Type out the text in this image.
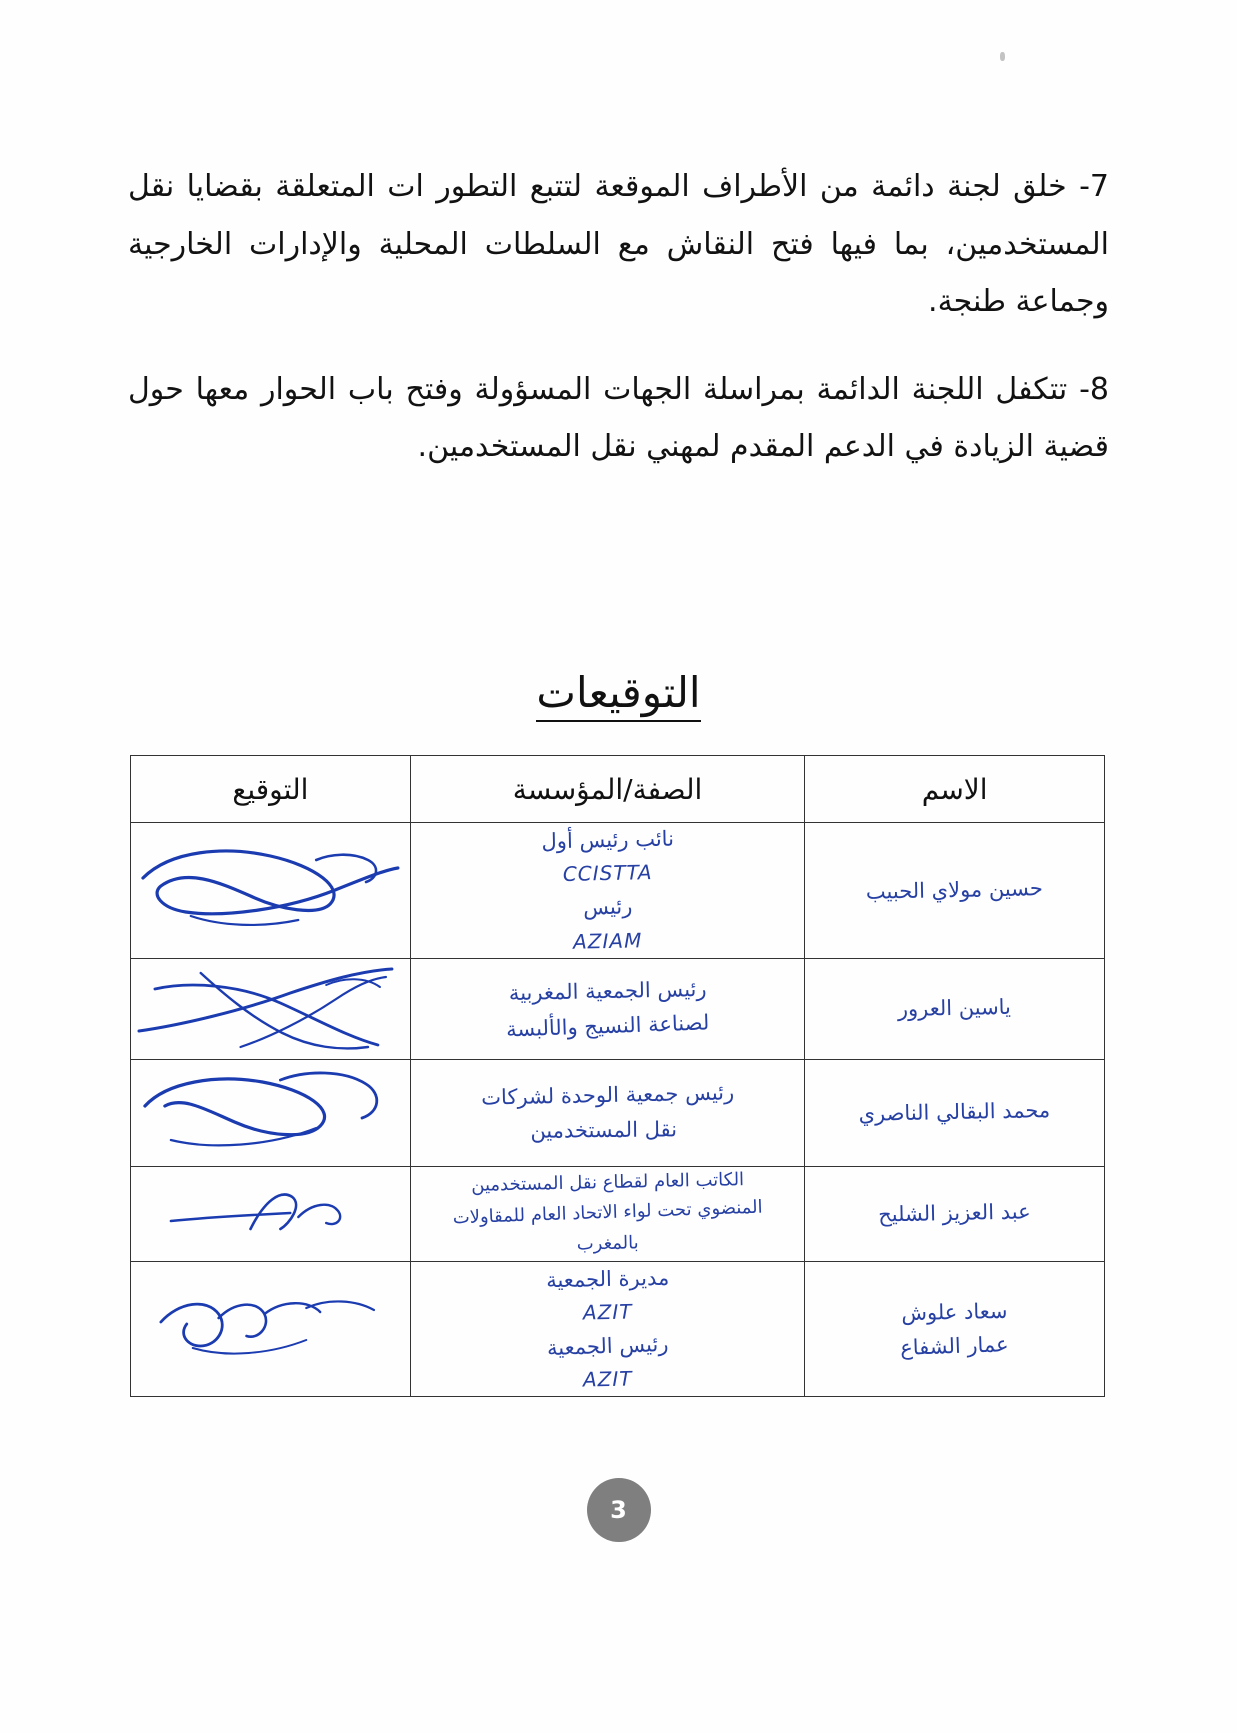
7- خلق لجنة دائمة من الأطراف الموقعة لتتبع التطور ات المتعلقة بقضايا نقل المستخدمين، بما فيها فتح النقاش مع السلطات المحلية والإدارات الخارجية وجماعة طنجة.

8- تتكفل اللجنة الدائمة بمراسلة الجهات المسؤولة وفتح باب الحوار معها حول قضية الزيادة في الدعم المقدم لمهني نقل المستخدمين.

التوقيعات
الاسم	الصفة/المؤسسة	التوقيع

حسين مولاي الحبيب	نائب رئيس أول
CCISTTA
رئيس
AZIAM

ياسين العرور	رئيس الجمعية المغربية
لصناعة النسيج والألبسة

محمد البقالي الناصري	رئيس جمعية الوحدة لشركات
نقل المستخدمين

عبد العزيز الشليح	الكاتب العام لقطاع نقل المستخدمين
المنضوي تحت لواء الاتحاد العام للمقاولات
بالمغرب

سعاد علوش
عمار الشفاع	مديرة الجمعية
AZIT
رئيس الجمعية
AZIT

3
